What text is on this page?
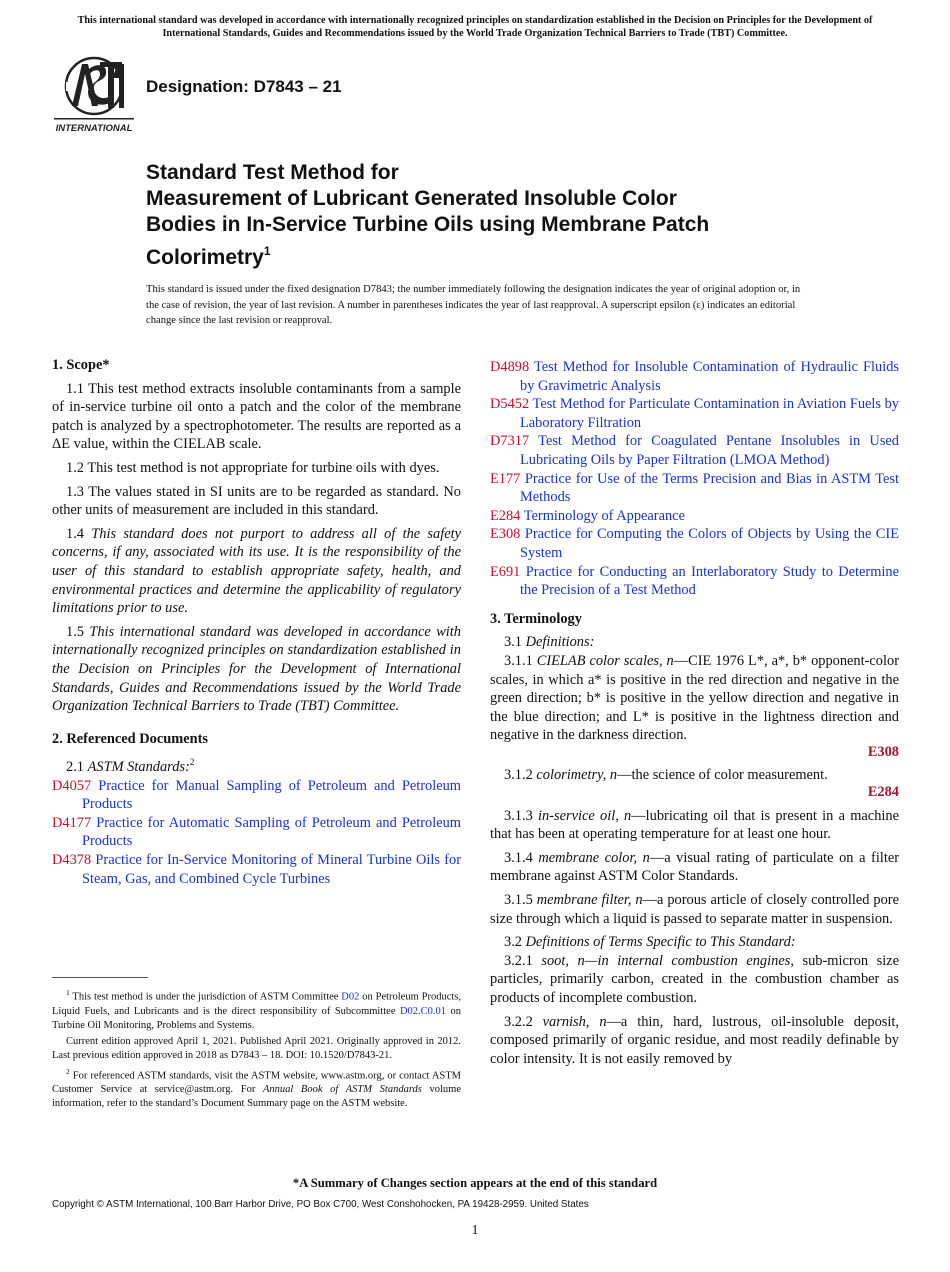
This international standard was developed in accordance with internationally recognized principles on standardization established in the Decision on Principles for the Development of International Standards, Guides and Recommendations issued by the World Trade Organization Technical Barriers to Trade (TBT) Committee.
INTERNATIONAL
Designation: D7843 – 21
Standard Test Method for
Measurement of Lubricant Generated Insoluble Color
Bodies in In-Service Turbine Oils using Membrane Patch
Colorimetry$^1$
This standard is issued under the fixed designation D7843; the number immediately following the designation indicates the year of original adoption or, in the case of revision, the year of last revision. A number in parentheses indicates the year of last reapproval. A superscript epsilon (ε) indicates an editorial change since the last revision or reapproval.
1. Scope*

1.1 This test method extracts insoluble contaminants from a sample of in-service turbine oil onto a patch and the color of the membrane patch is analyzed by a spectrophotometer. The results are reported as a ΔE value, within the CIELAB scale.

1.2 This test method is not appropriate for turbine oils with dyes.

1.3 The values stated in SI units are to be regarded as standard. No other units of measurement are included in this standard.

1.4 This standard does not purport to address all of the safety concerns, if any, associated with its use. It is the responsibility of the user of this standard to establish appropriate safety, health, and environmental practices and determine the applicability of regulatory limitations prior to use.

1.5 This international standard was developed in accordance with internationally recognized principles on standardization established in the Decision on Principles for the Development of International Standards, Guides and Recommendations issued by the World Trade Organization Technical Barriers to Trade (TBT) Committee.

2. Referenced Documents

2.1 ASTM Standards:$^2$

D4057 Practice for Manual Sampling of Petroleum and Petroleum Products

D4177 Practice for Automatic Sampling of Petroleum and Petroleum Products

D4378 Practice for In-Service Monitoring of Mineral Turbine Oils for Steam, Gas, and Combined Cycle Turbines

$^1$ This test method is under the jurisdiction of ASTM Committee D02 on Petroleum Products, Liquid Fuels, and Lubricants and is the direct responsibility of Subcommittee D02.C0.01 on Turbine Oil Monitoring, Problems and Systems.

Current edition approved April 1, 2021. Published April 2021. Originally approved in 2012. Last previous edition approved in 2018 as D7843 – 18. DOI: 10.1520/D7843-21.

$^2$ For referenced ASTM standards, visit the ASTM website, www.astm.org, or contact ASTM Customer Service at service@astm.org. For Annual Book of ASTM Standards volume information, refer to the standard’s Document Summary page on the ASTM website.

D4898 Test Method for Insoluble Contamination of Hydraulic Fluids by Gravimetric Analysis

D5452 Test Method for Particulate Contamination in Aviation Fuels by Laboratory Filtration

D7317 Test Method for Coagulated Pentane Insolubles in Used Lubricating Oils by Paper Filtration (LMOA Method)

E177 Practice for Use of the Terms Precision and Bias in ASTM Test Methods

E284 Terminology of Appearance

E308 Practice for Computing the Colors of Objects by Using the CIE System

E691 Practice for Conducting an Interlaboratory Study to Determine the Precision of a Test Method

3. Terminology

3.1 Definitions:

3.1.1 CIELAB color scales, n—CIE 1976 L*, a*, b* opponent-color scales, in which a* is positive in the red direction and negative in the green direction; b* is positive in the yellow direction and negative in the blue direction; and L* is positive in the lightness direction and negative in the darkness direction.

E308

3.1.2 colorimetry, n—the science of color measurement.

E284

3.1.3 in-service oil, n—lubricating oil that is present in a machine that has been at operating temperature for at least one hour.

3.1.4 membrane color, n—a visual rating of particulate on a filter membrane against ASTM Color Standards.

3.1.5 membrane filter, n—a porous article of closely controlled pore size through which a liquid is passed to separate matter in suspension.

3.2 Definitions of Terms Specific to This Standard:

3.2.1 soot, n—in internal combustion engines, sub-micron size particles, primarily carbon, created in the combustion chamber as products of incomplete combustion.

3.2.2 varnish, n—a thin, hard, lustrous, oil-insoluble deposit, composed primarily of organic residue, and most readily definable by color intensity. It is not easily removed by

*A Summary of Changes section appears at the end of this standard
Copyright © ASTM International, 100 Barr Harbor Drive, PO Box C700, West Conshohocken, PA 19428-2959. United States
1
